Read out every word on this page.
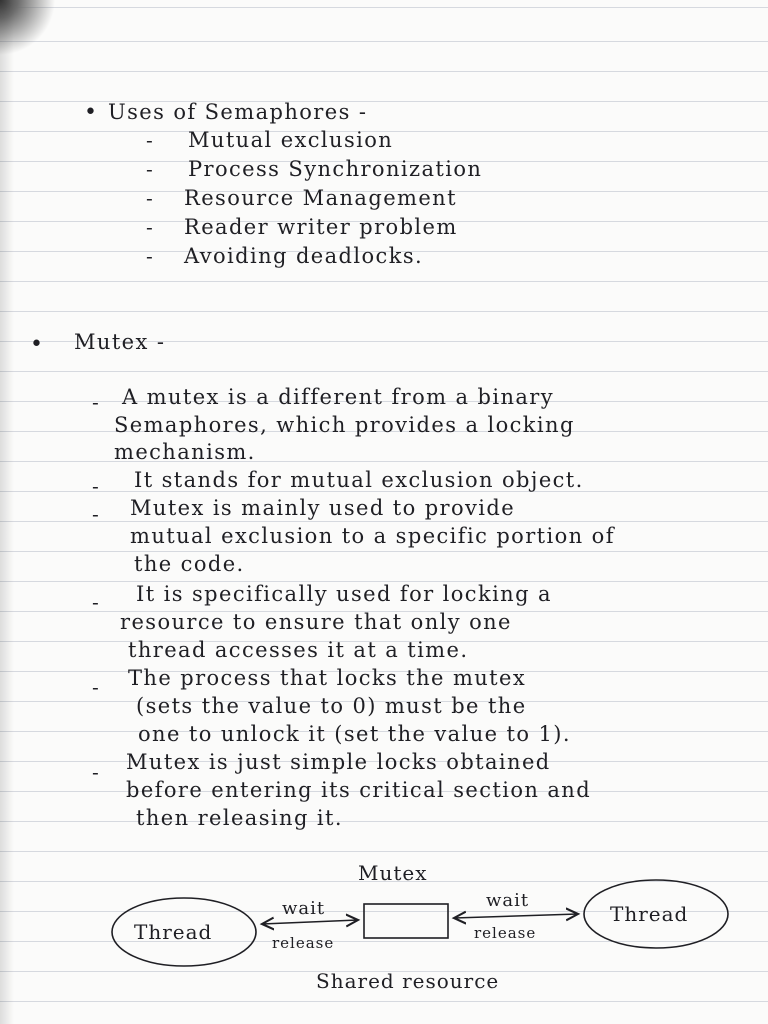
• Uses of Semaphores -
- Mutual exclusion
- Process Synchronization
- Resource Management
- Reader writer problem
- Avoiding deadlocks.
• Mutex -
- A mutex is a different from a binary
Semaphores, which provides a locking
mechanism.
- It stands for mutual exclusion object.
- Mutex is mainly used to provide
mutual exclusion to a specific portion of
the code.
- It is specifically used for locking a
resource to ensure that only one
thread accesses it at a time.
- The process that locks the mutex
(sets the value to 0) must be the
one to unlock it (set the value to 1).
- Mutex is just simple locks obtained
before entering its critical section and
then releasing it.
Mutex
Thread
Thread
wait
release
wait
release
Shared resource
